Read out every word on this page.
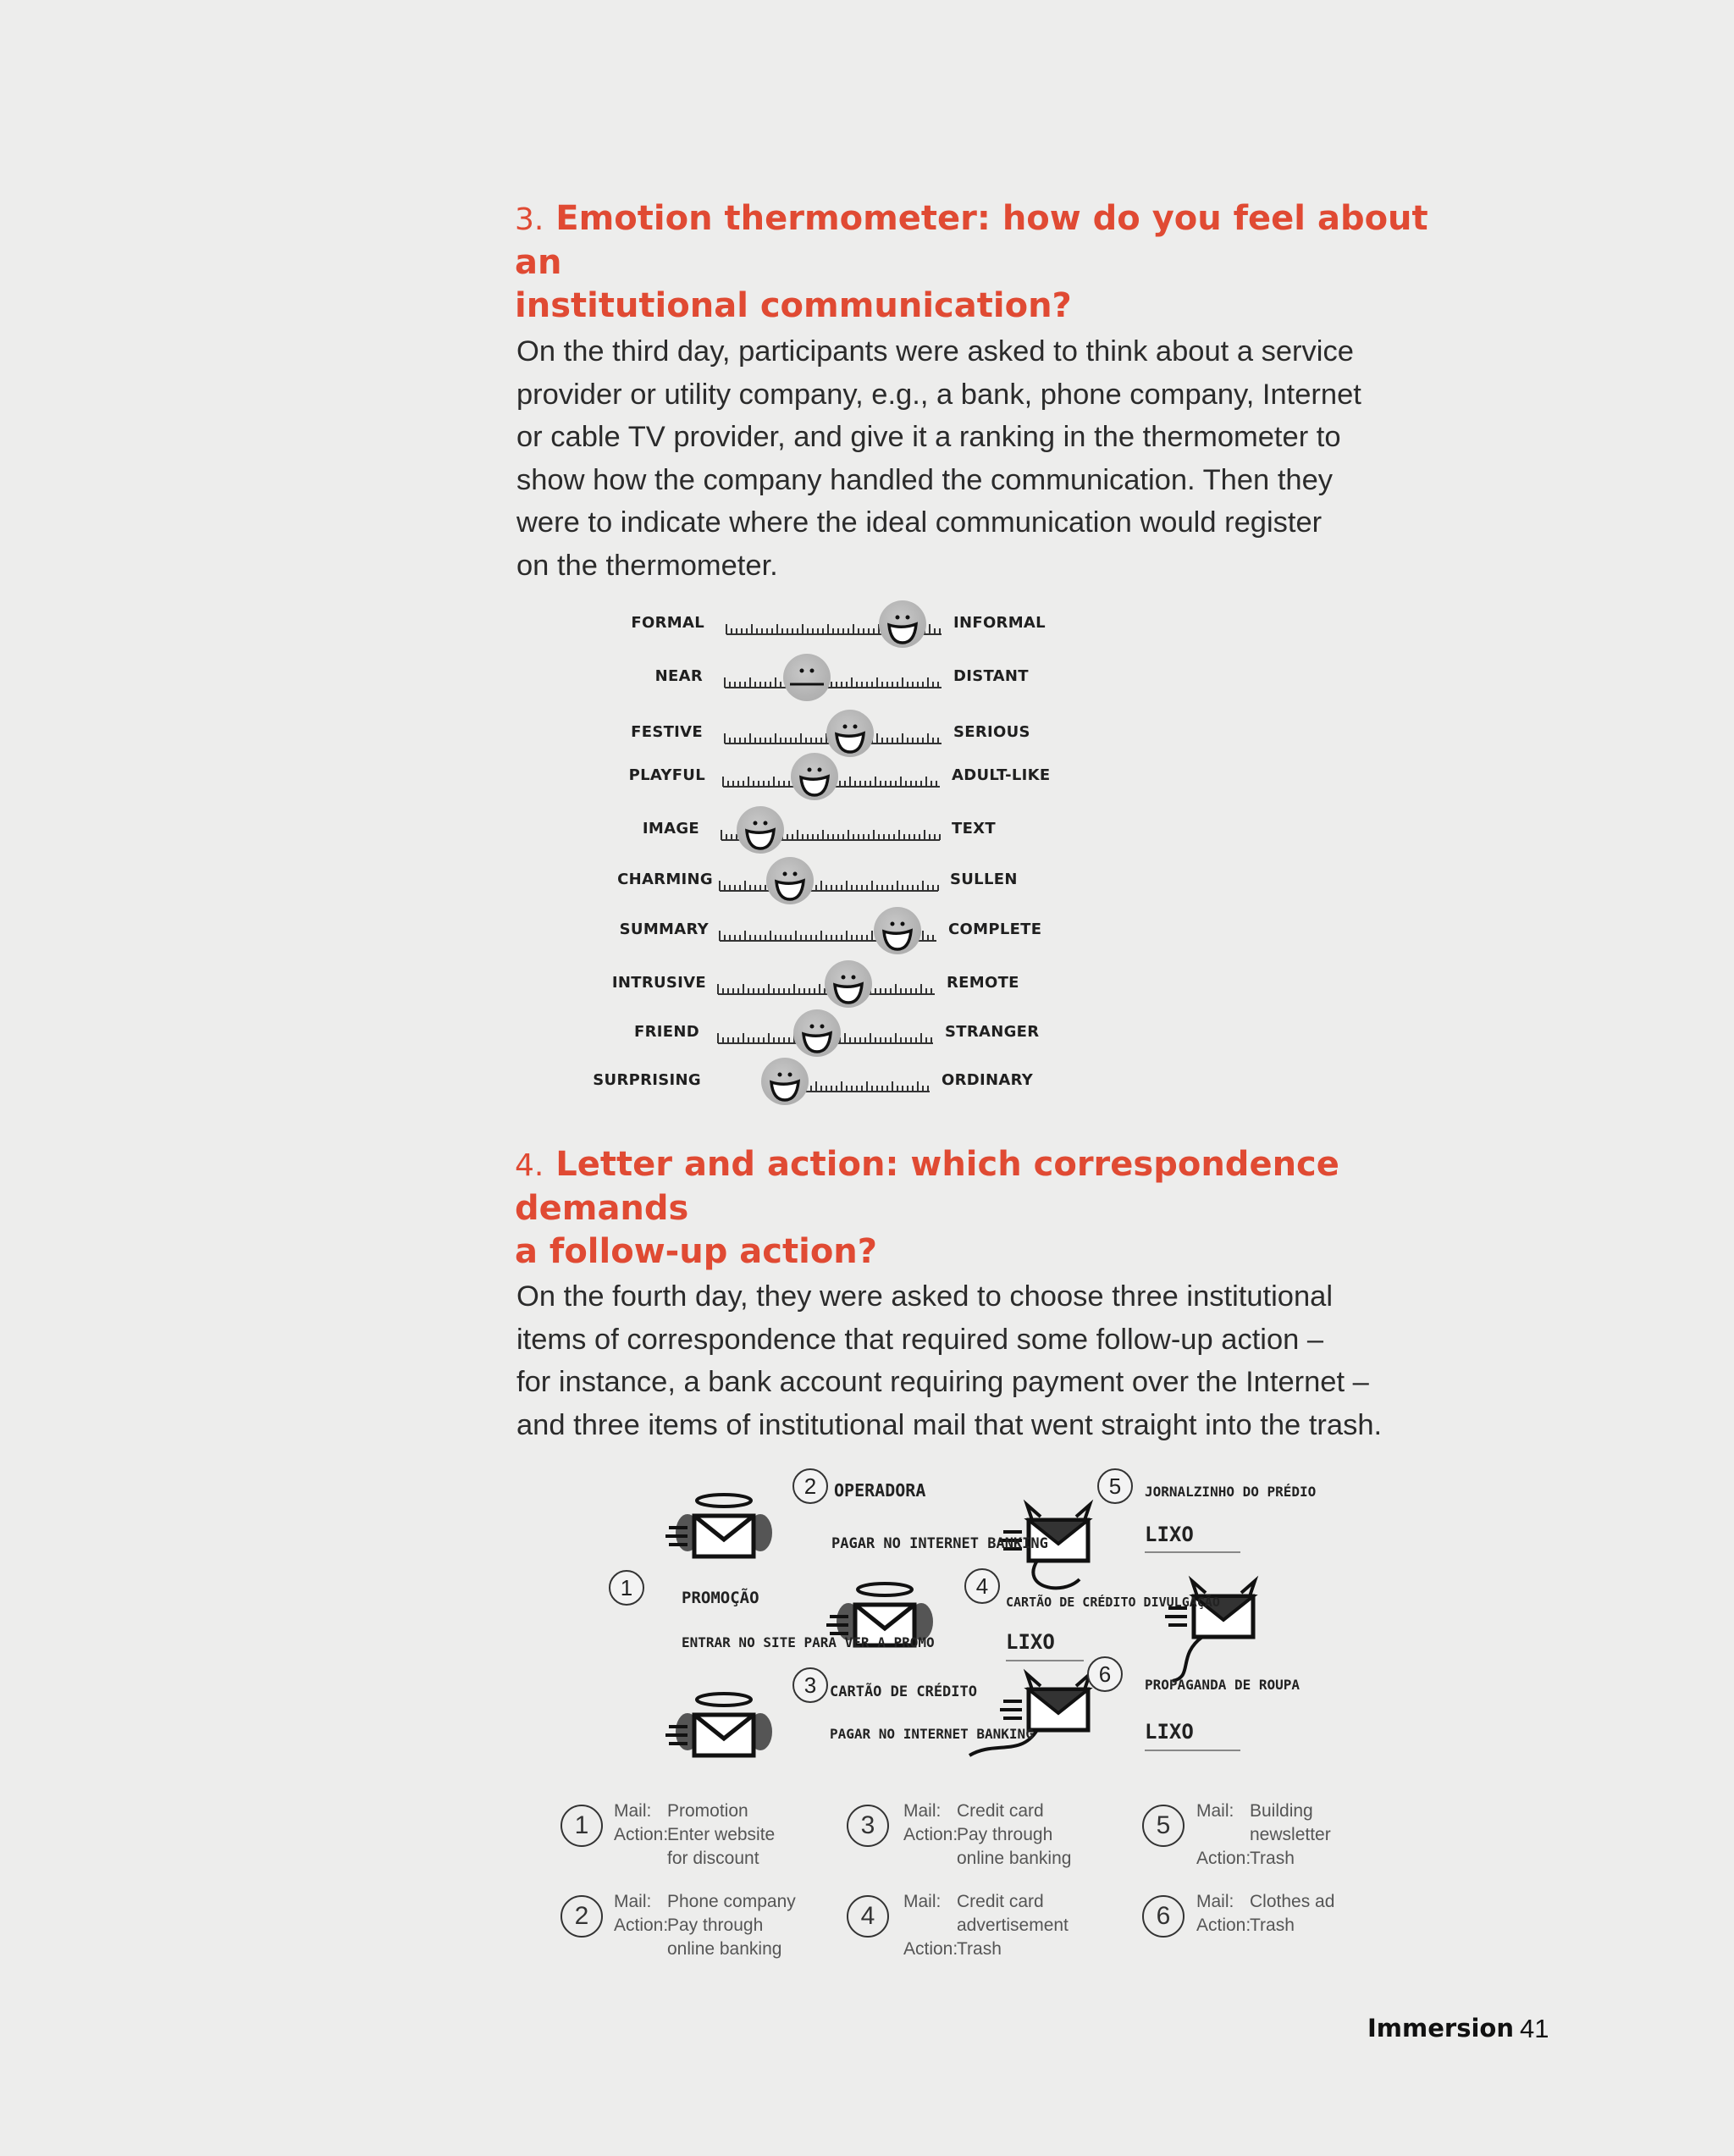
3. Emotion thermometer: how do you feel about an
institutional communication?
On the third day, participants were asked to think about a service
provider or utility company, e.g., a bank, phone company, Internet
or cable TV provider, and give it a ranking in the thermometer to
show how the company handled the communication. Then they
were to indicate where the ideal communication would register
on the thermometer.
FORMAL	INFORMAL
NEAR	DISTANT
FESTIVE	SERIOUS
PLAYFUL	ADULT-LIKE
IMAGE	TEXT
CHARMING	SULLEN
SUMMARY	COMPLETE
INTRUSIVE	REMOTE
FRIEND	STRANGER
SURPRISING	ORDINARY
4. Letter and action: which correspondence demands
a follow-up action?
On the fourth day, they were asked to choose three institutional
items of correspondence that required some follow-up action –
for instance, a bank account requiring payment over the Internet –
and three items of institutional mail that went straight into the trash.
OPERADORA
PAGAR NO INTERNET BANKING
PROMOÇÃO
ENTRAR NO SITE PARA VER A PROMO
CARTÃO DE CRÉDITO
PAGAR NO INTERNET BANKING
JORNALZINHO DO PRÉDIO
LIXO
CARTÃO DE CRÉDITO DIVULGAÇÃO
LIXO
PROPAGANDA DE ROUPA
LIXO
1
2
3
4
5
6
1
Mail: Promotion
Action:Enter website
for discount
2
Mail: Phone company
Action:Pay through
online banking
3
Mail: Credit card
Action:Pay through
online banking
4
Mail: Credit card
advertisement
Action:Trash
5
Mail: Building
newsletter
Action:Trash
6
Mail: Clothes ad
Action:Trash
Immersion 41
